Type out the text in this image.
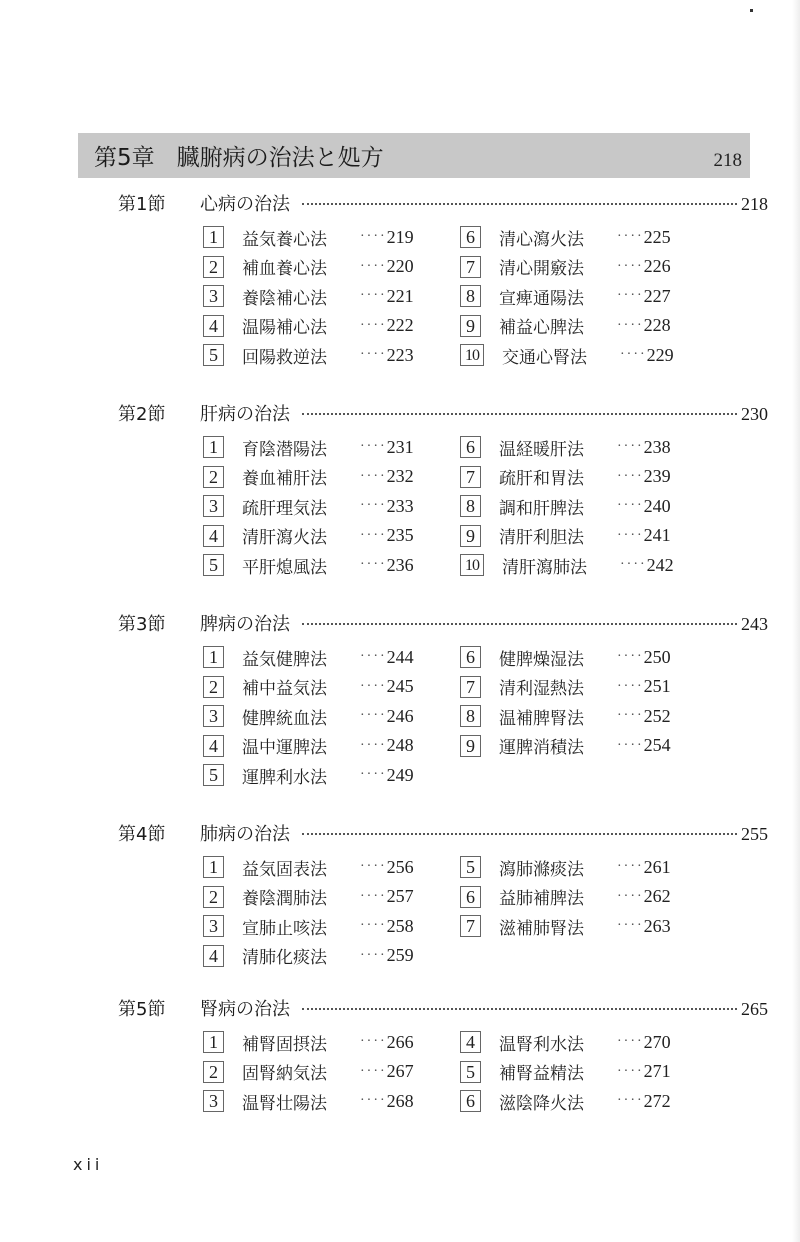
第5章 臓腑病の治法と処方	218
第1節	心病の治法	218
1	益気養心法	···· 219
2	補血養心法	···· 220
3	養陰補心法	···· 221
4	温陽補心法	···· 222
5	回陽救逆法	···· 223
6	清心瀉火法	···· 225
7	清心開竅法	···· 226
8	宣痺通陽法	···· 227
9	補益心脾法	···· 228
10 交通心腎法	···· 229
第2節	肝病の治法	230
1	育陰潜陽法	···· 231
2	養血補肝法	···· 232
3	疏肝理気法	···· 233
4	清肝瀉火法	···· 235
5	平肝熄風法	···· 236
6	温経暖肝法	···· 238
7	疏肝和胃法	···· 239
8	調和肝脾法	···· 240
9	清肝利胆法	···· 241
10 清肝瀉肺法	···· 242
第3節	脾病の治法	243
1	益気健脾法	···· 244
2	補中益気法	···· 245
3	健脾統血法	···· 246
4	温中運脾法	···· 248
5	運脾利水法	···· 249
6	健脾燥湿法	···· 250
7	清利湿熱法	···· 251
8	温補脾腎法	···· 252
9	運脾消積法	···· 254
第4節	肺病の治法	255
1	益気固表法	···· 256
2	養陰潤肺法	···· 257
3	宣肺止咳法	···· 258
4	清肺化痰法	···· 259
5	瀉肺滌痰法	···· 261
6	益肺補脾法	···· 262
7	滋補肺腎法	···· 263
第5節	腎病の治法	265
1	補腎固摂法	···· 266
2	固腎納気法	···· 267
3	温腎壮陽法	···· 268
4	温腎利水法	···· 270
5	補腎益精法	···· 271
6	滋陰降火法	···· 272
xii
